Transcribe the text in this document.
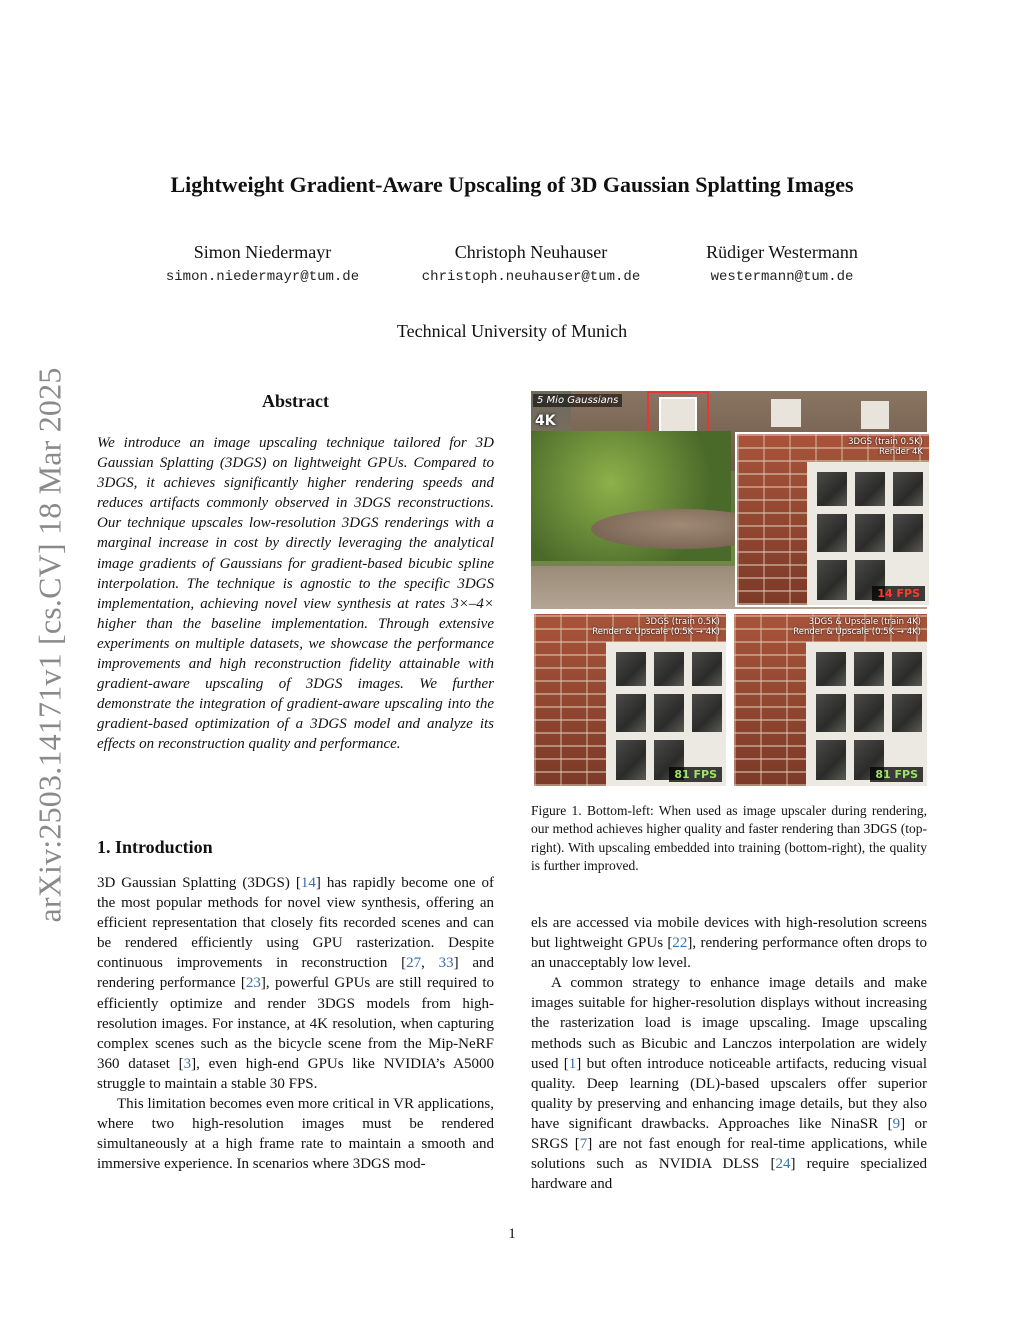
arXiv:2503.14171v1 [cs.CV] 18 Mar 2025
Lightweight Gradient-Aware Upscaling of 3D Gaussian Splatting Images
Simon Niedermayr
simon.niedermayr@tum.de
Christoph Neuhauser
christoph.neuhauser@tum.de
Rüdiger Westermann
westermann@tum.de
Technical University of Munich
Abstract
We introduce an image upscaling technique tailored for 3D Gaussian Splatting (3DGS) on lightweight GPUs. Compared to 3DGS, it achieves significantly higher rendering speeds and reduces artifacts commonly observed in 3DGS reconstructions. Our technique upscales low-resolution 3DGS renderings with a marginal increase in cost by directly leveraging the analytical image gradients of Gaussians for gradient-based bicubic spline interpolation. The technique is agnostic to the specific 3DGS implementation, achieving novel view synthesis at rates 3×–4× higher than the baseline implementation. Through extensive experiments on multiple datasets, we showcase the performance improvements and high reconstruction fidelity attainable with gradient-aware upscaling of 3DGS images. We further demonstrate the integration of gradient-aware upscaling into the gradient-based optimization of a 3DGS model and analyze its effects on reconstruction quality and performance.
1. Introduction

3D Gaussian Splatting (3DGS) [14] has rapidly become one of the most popular methods for novel view synthesis, offering an efficient representation that closely fits recorded scenes and can be rendered efficiently using GPU rasterization. Despite continuous improvements in reconstruction [27, 33] and rendering performance [23], powerful GPUs are still required to efficiently optimize and render 3DGS models from high-resolution images. For instance, at 4K resolution, when capturing complex scenes such as the bicycle scene from the Mip-NeRF 360 dataset [3], even high-end GPUs like NVIDIA’s A5000 struggle to maintain a stable 30 FPS.

This limitation becomes even more critical in VR applications, where two high-resolution images must be rendered simultaneously at a high frame rate to maintain a smooth and immersive experience. In scenarios where 3DGS mod-

5 Mio Gaussians
4K
3DGS (train 0.5K)
Render 4K
14 FPS
3DGS (train 0.5K)
Render & Upscale (0.5K → 4K)
81 FPS
3DGS & Upscale (train 4K)
Render & Upscale (0.5K → 4K)
81 FPS
Figure 1. Bottom-left: When used as image upscaler during rendering, our method achieves higher quality and faster rendering than 3DGS (top-right). With upscaling embedded into training (bottom-right), the quality is further improved.

els are accessed via mobile devices with high-resolution screens but lightweight GPUs [22], rendering performance often drops to an unacceptably low level.

A common strategy to enhance image details and make images suitable for higher-resolution displays without increasing the rasterization load is image upscaling. Image upscaling methods such as Bicubic and Lanczos interpolation are widely used [1] but often introduce noticeable artifacts, reducing visual quality. Deep learning (DL)-based upscalers offer superior quality by preserving and enhancing image details, but they also have significant drawbacks. Approaches like NinaSR [9] or SRGS [7] are not fast enough for real-time applications, while solutions such as NVIDIA DLSS [24] require specialized hardware and

1
